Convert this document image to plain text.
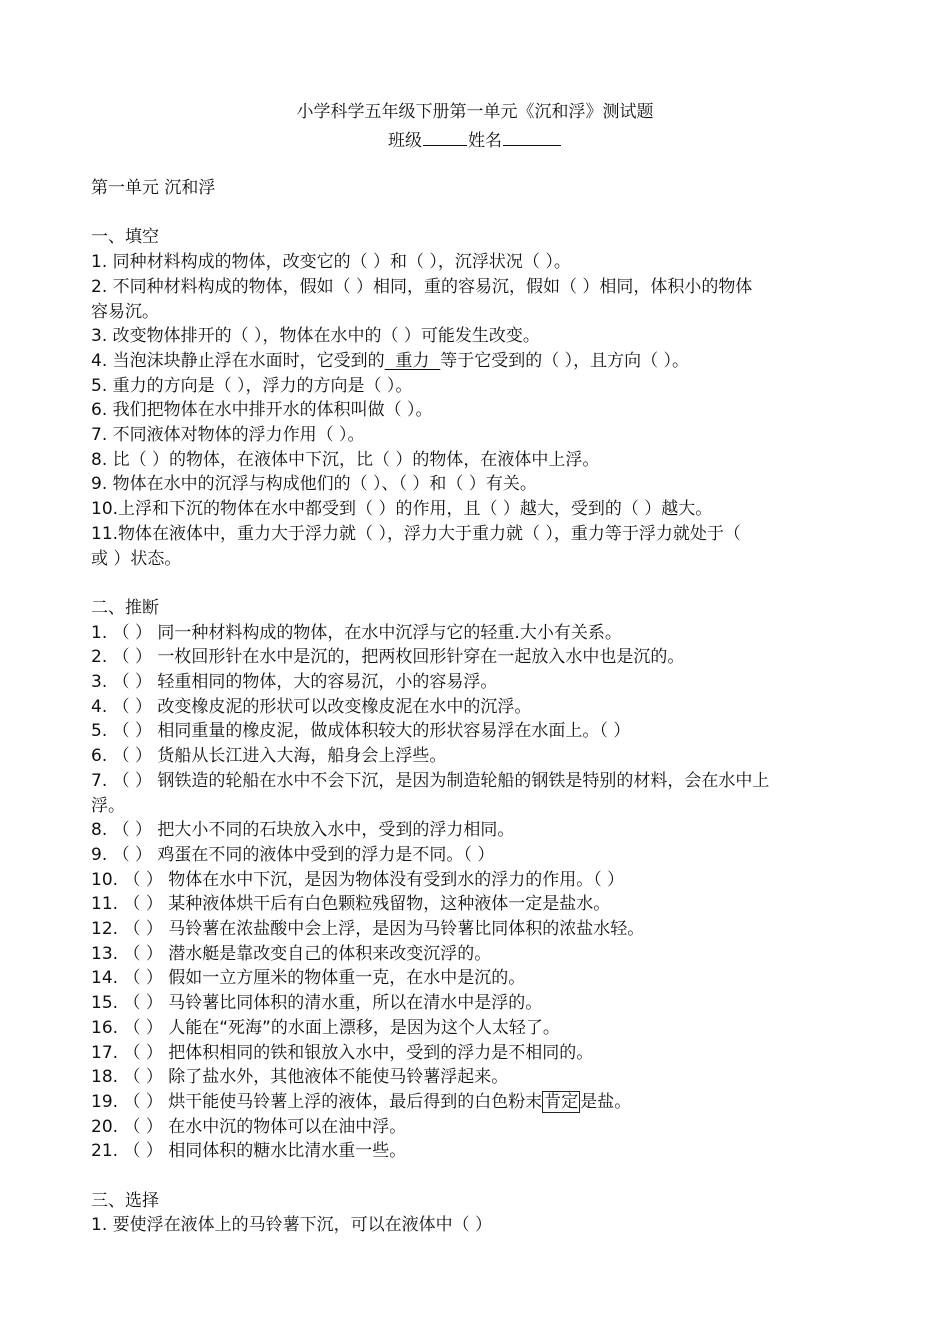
小学科学五年级下册第一单元《沉和浮》测试题
班级	姓名
第一单元 沉和浮
一、填空
1. 同种材料构成的物体，改变它的（ ）和（ ），沉浮状况（ ）。
2. 不同种材料构成的物体，假如（ ）相同，重的容易沉，假如（ ）相同，体积小的物体
容易沉。
3. 改变物体排开的（ ），物体在水中的（ ）可能发生改变。
4. 当泡沫块静止浮在水面时，它受到的  重力  等于它受到的（ ），且方向（ ）。
5. 重力的方向是（ ），浮力的方向是（ ）。
6. 我们把物体在水中排开水的体积叫做（ ）。
7. 不同液体对物体的浮力作用（ ）。
8. 比（ ）的物体，在液体中下沉，比（ ）的物体，在液体中上浮。
9. 物体在水中的沉浮与构成他们的（ ）、（ ）和（ ）有关。
10.上浮和下沉的物体在水中都受到（ ）的作用，且（ ）越大，受到的（ ）越大。
11.物体在液体中，重力大于浮力就（ ），浮力大于重力就（ ），重力等于浮力就处于（
或 ）状态。
二、推断
1. （ ） 同一种材料构成的物体，在水中沉浮与它的轻重.大小有关系。
2. （ ） 一枚回形针在水中是沉的，把两枚回形针穿在一起放入水中也是沉的。
3. （ ） 轻重相同的物体，大的容易沉，小的容易浮。
4. （ ） 改变橡皮泥的形状可以改变橡皮泥在水中的沉浮。
5. （ ） 相同重量的橡皮泥，做成体积较大的形状容易浮在水面上。（ ）
6. （ ） 货船从长江进入大海，船身会上浮些。
7. （ ） 钢铁造的轮船在水中不会下沉，是因为制造轮船的钢铁是特别的材料，会在水中上
浮。
8. （ ） 把大小不同的石块放入水中，受到的浮力相同。
9. （ ） 鸡蛋在不同的液体中受到的浮力是不同。（ ）
10. （ ） 物体在水中下沉，是因为物体没有受到水的浮力的作用。（ ）
11. （ ） 某种液体烘干后有白色颗粒残留物，这种液体一定是盐水。
12. （ ） 马铃薯在浓盐酸中会上浮，是因为马铃薯比同体积的浓盐水轻。
13. （ ） 潜水艇是靠改变自己的体积来改变沉浮的。
14. （ ） 假如一立方厘米的物体重一克，在水中是沉的。
15. （ ） 马铃薯比同体积的清水重，所以在清水中是浮的。
16. （ ） 人能在“死海”的水面上漂移，是因为这个人太轻了。
17. （ ） 把体积相同的铁和银放入水中，受到的浮力是不相同的。
18. （ ） 除了盐水外，其他液体不能使马铃薯浮起来。
19. （ ） 烘干能使马铃薯上浮的液体，最后得到的白色粉末 肯定 是盐。
20. （ ） 在水中沉的物体可以在油中浮。
21. （ ） 相同体积的糖水比清水重一些。
三、选择
1. 要使浮在液体上的马铃薯下沉，可以在液体中（ ）
